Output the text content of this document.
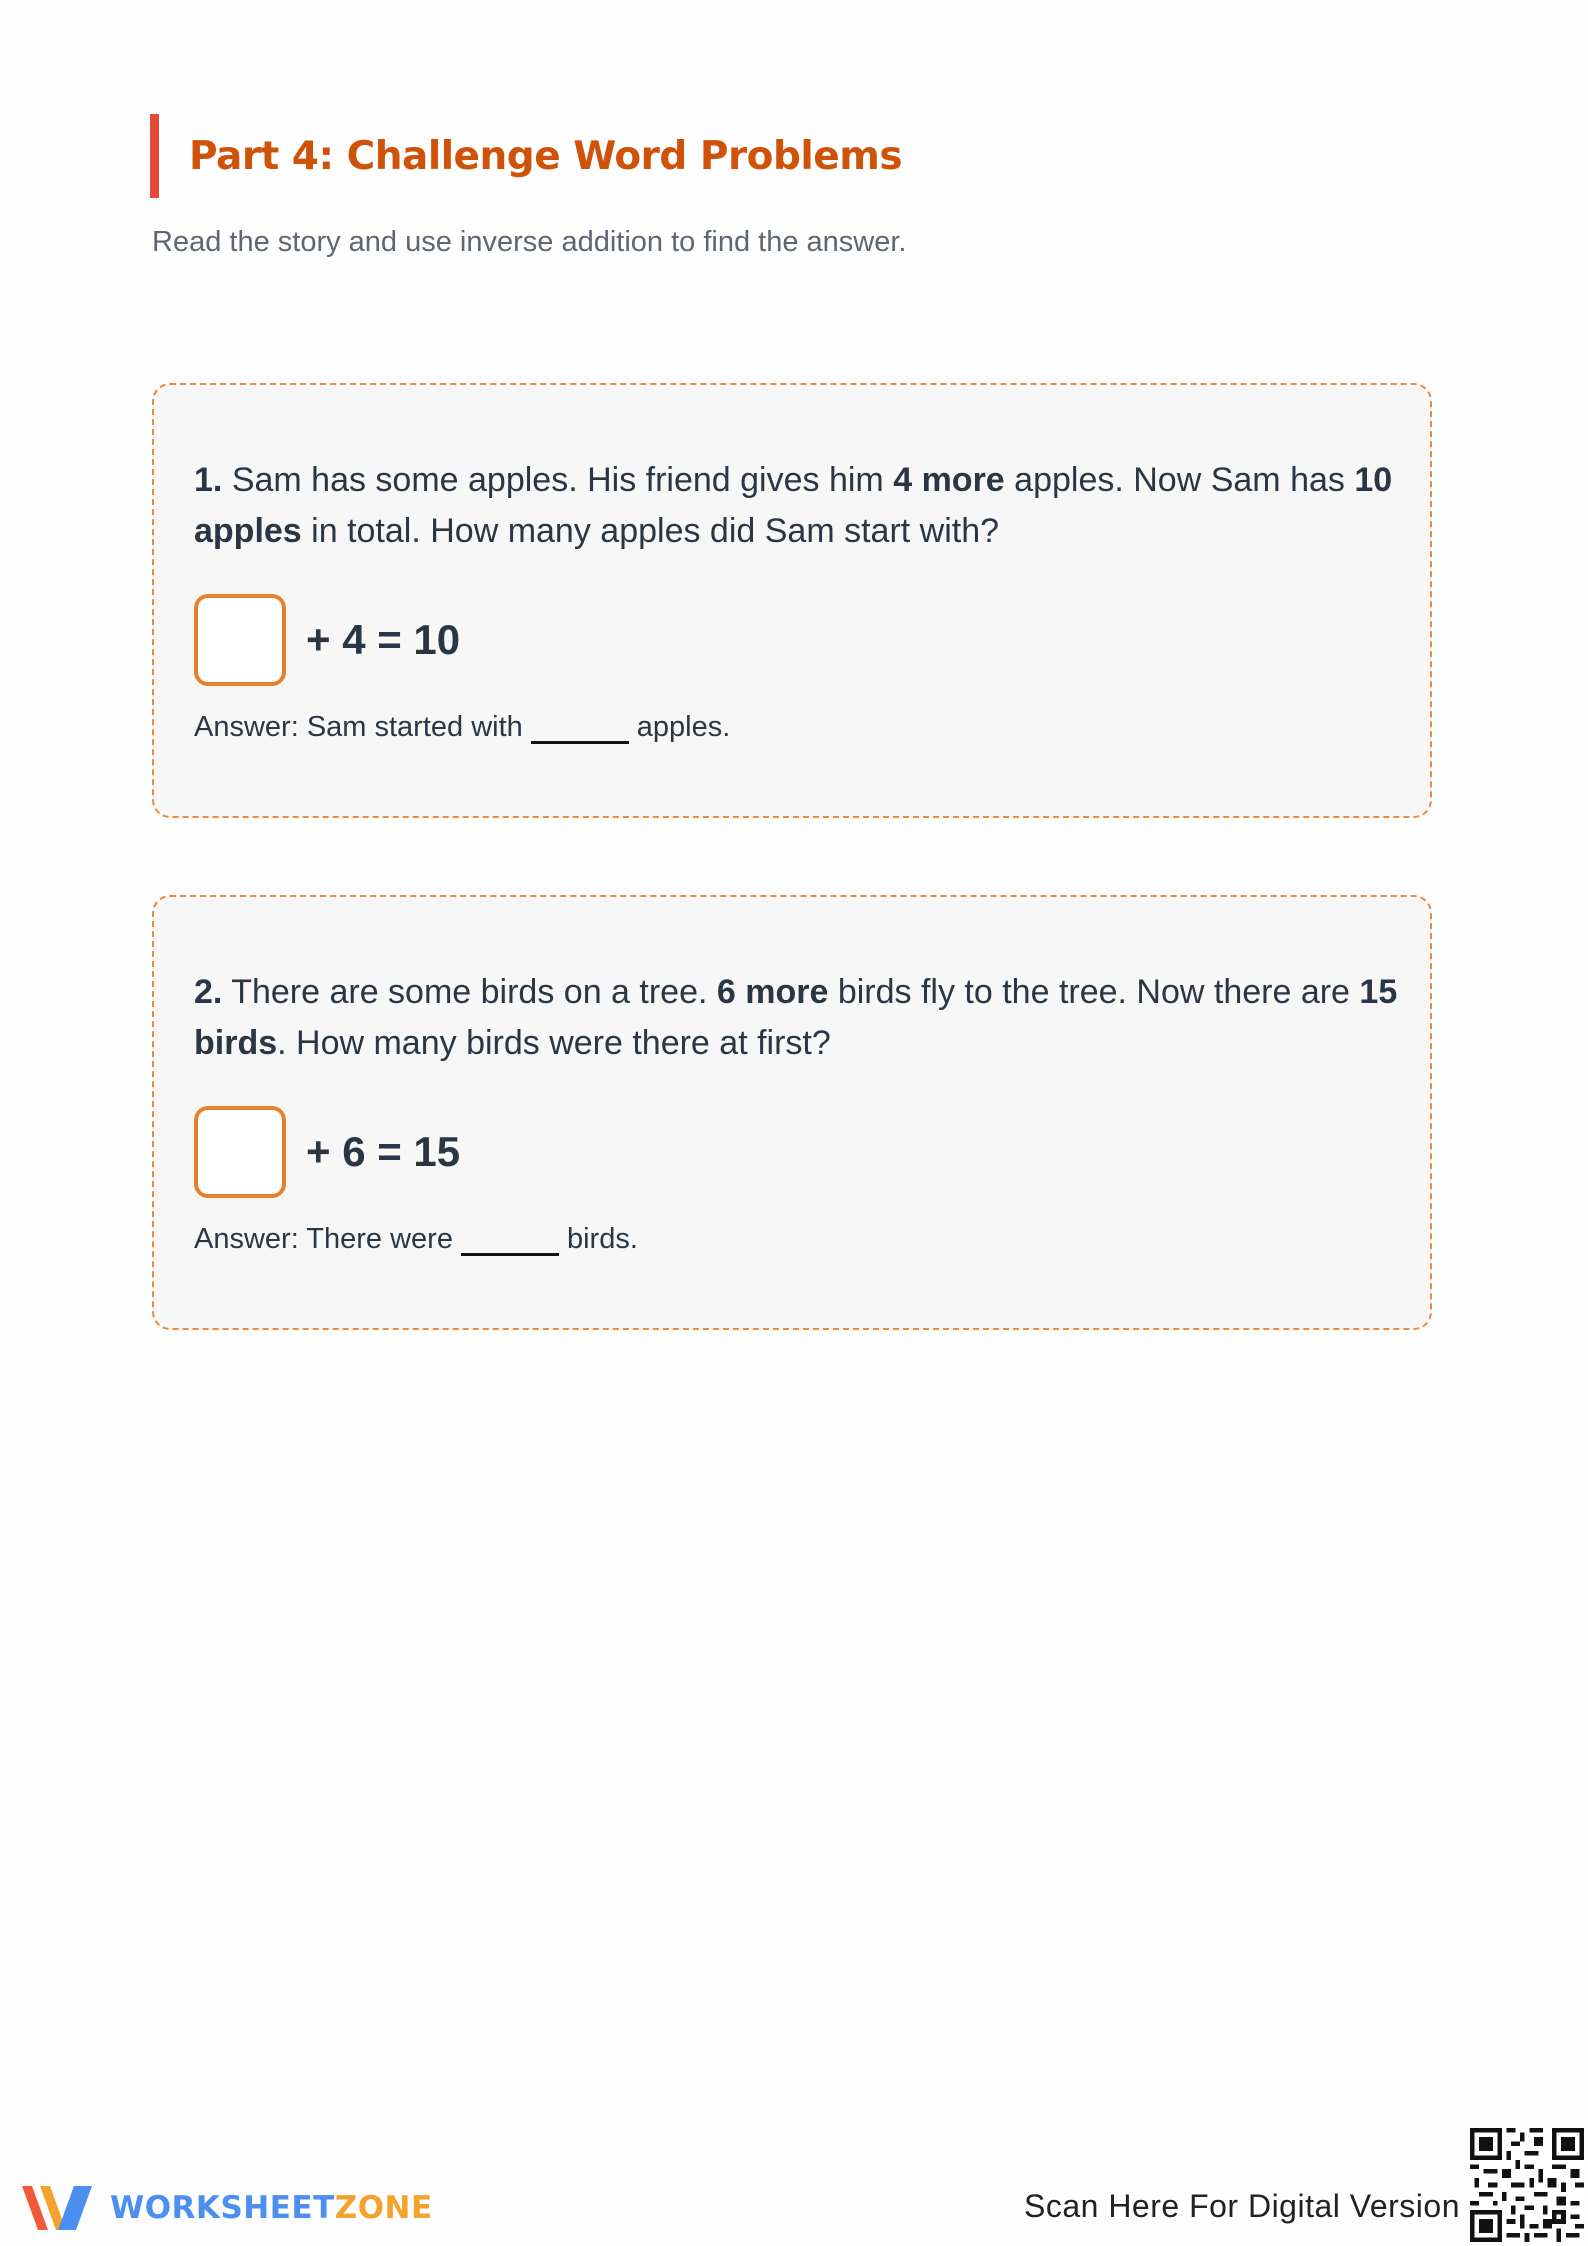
Part 4: Challenge Word Problems
Read the story and use inverse addition to find the answer.

1. Sam has some apples. His friend gives him 4 more apples. Now Sam has 10 apples in total. How many apples did Sam start with?

+ 4 = 10
Answer: Sam started with	apples.

2. There are some birds on a tree. 6 more birds fly to the tree. Now there are 15 birds. How many birds were there at first?

+ 6 = 15
Answer: There were	birds.
WORKSHEETZONE	Scan Here For Digital Version
